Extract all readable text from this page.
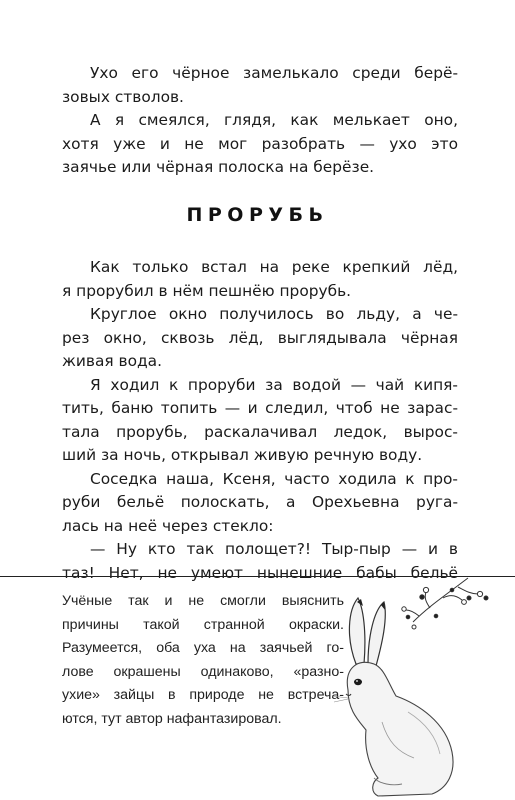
Ухо его чёрное замелькало среди берё-
зовых стволов.
А я смеялся, глядя, как мелькает оно,
хотя уже и не мог разобрать — ухо это
заячье или чёрная полоска на берёзе.
ПРОРУБЬ
Как только встал на реке крепкий лёд,
я прорубил в нём пешнёю прорубь.
Круглое окно получилось во льду, а че-
рез окно, сквозь лёд, выглядывала чёрная
живая вода.
Я ходил к проруби за водой — чай кипя-
тить, баню топить — и следил, чтоб не зараc-
тала прорубь, раскалачивал ледок, вырос-
ший за ночь, открывал живую речную воду.
Соседка наша, Ксеня, часто ходила к про-
руби бельё полоскать, а Орехьевна руга-
лась на неё через стекло:
— Ну кто так полощет?! Тыр-пыр — и в
таз! Нет, не умеют нынешние бабы бельё
Учёные так и не смогли выяснить
причины такой странной окраски.
Разумеется, оба уха на заячьей го-
лове окрашены одинаково, «разно-
ухие» зайцы в природе не встреча-
ются, тут автор нафантазировал.
